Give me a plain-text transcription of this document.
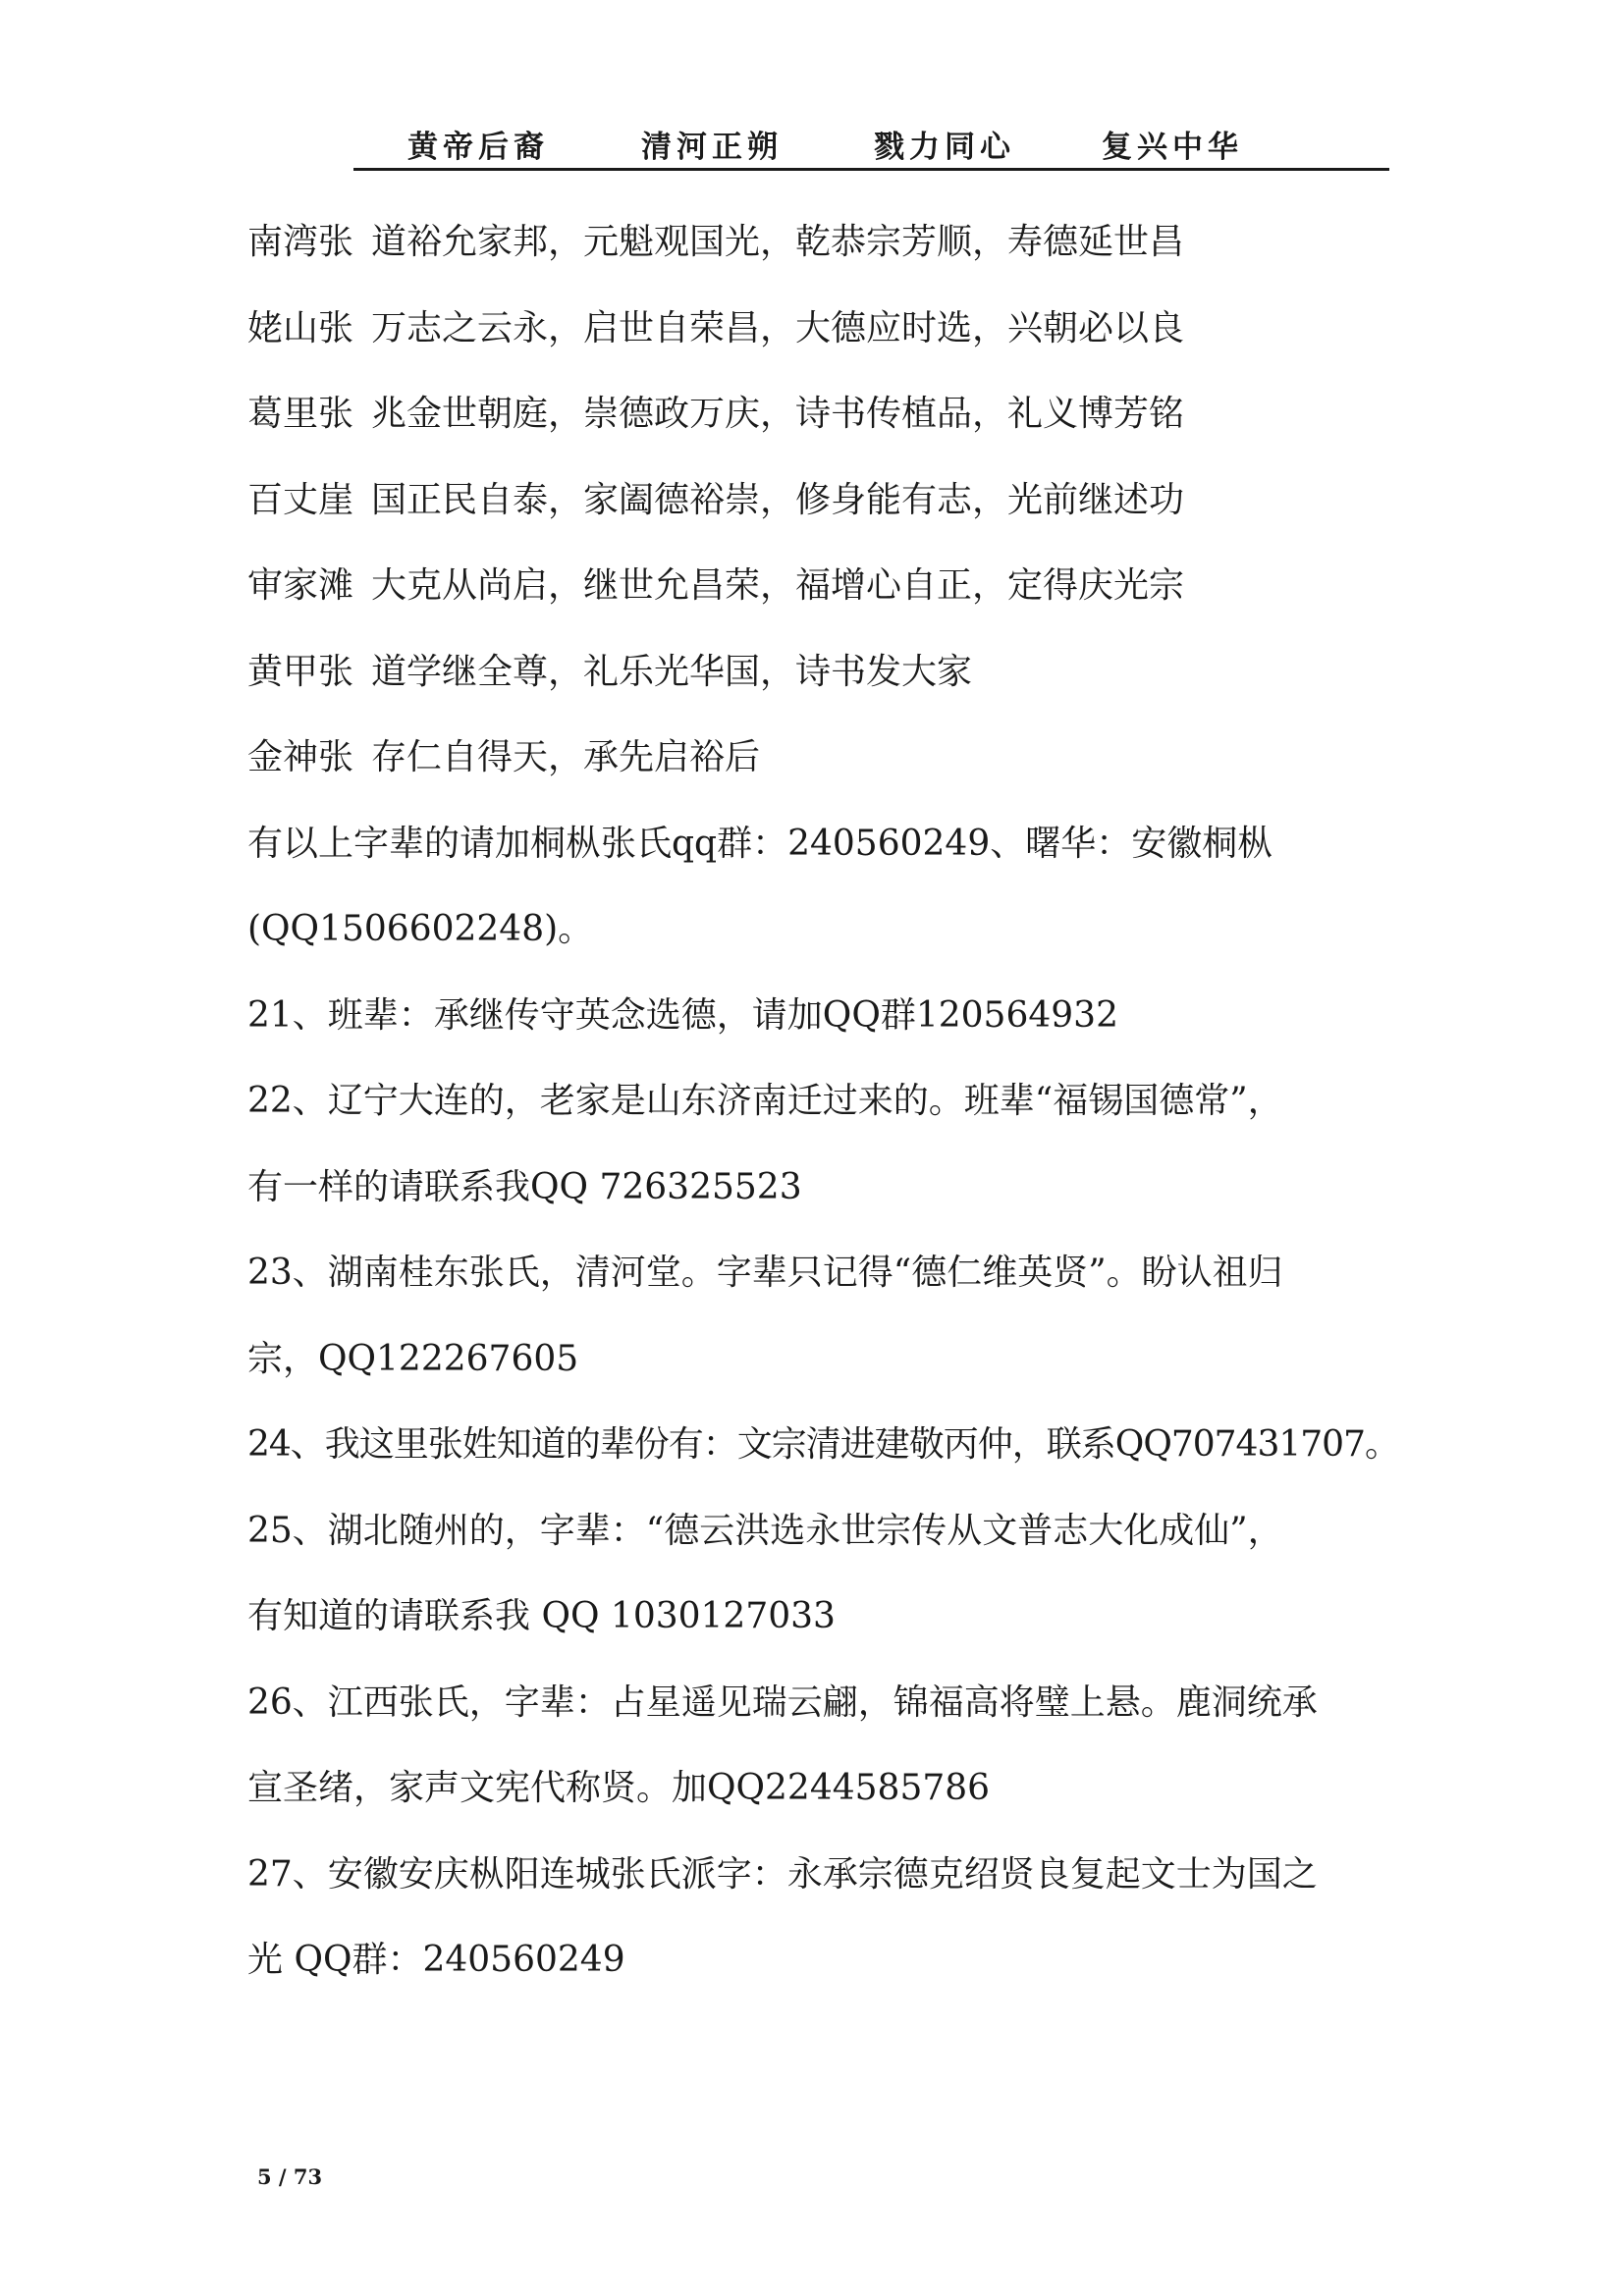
黄帝后裔	清河正朔	戮力同心	复兴中华
南湾张 道裕允家邦，元魁观国光，乾恭宗芳顺，寿德延世昌
姥山张 万志之云永，启世自荣昌，大德应时选，兴朝必以良
葛里张 兆金世朝庭，崇德政万庆，诗书传植品，礼义博芳铭
百丈崖 国正民自泰，家阖德裕崇，修身能有志，光前继述功
审家滩 大克从尚启，继世允昌荣，福增心自正，定得庆光宗
黄甲张 道学继全尊，礼乐光华国，诗书发大家
金神张 存仁自得天，承先启裕后
有以上字辈的请加桐枞张氏qq群：240560249、曙华：安徽桐枞
(QQ1506602248)。
21、班辈：承继传守英念选德，请加QQ群120564932
22、辽宁大连的，老家是山东济南迁过来的。班辈“福锡国德常”，
有一样的请联系我QQ 726325523
23、湖南桂东张氏，清河堂。字辈只记得“德仁维英贤”。盼认祖归
宗，QQ122267605
24、我这里张姓知道的辈份有：文宗清进建敬丙仲，联系QQ707431707。
25、湖北随州的，字辈：“德云洪选永世宗传从文普志大化成仙”，
有知道的请联系我 QQ 1030127033
26、江西张氏，字辈：占星遥见瑞云翩，锦福高将璧上悬。鹿洞统承
宣圣绪，家声文宪代称贤。加QQ2244585786
27、安徽安庆枞阳连城张氏派字：永承宗德克绍贤良复起文士为国之
光 QQ群：240560249
5 / 73
